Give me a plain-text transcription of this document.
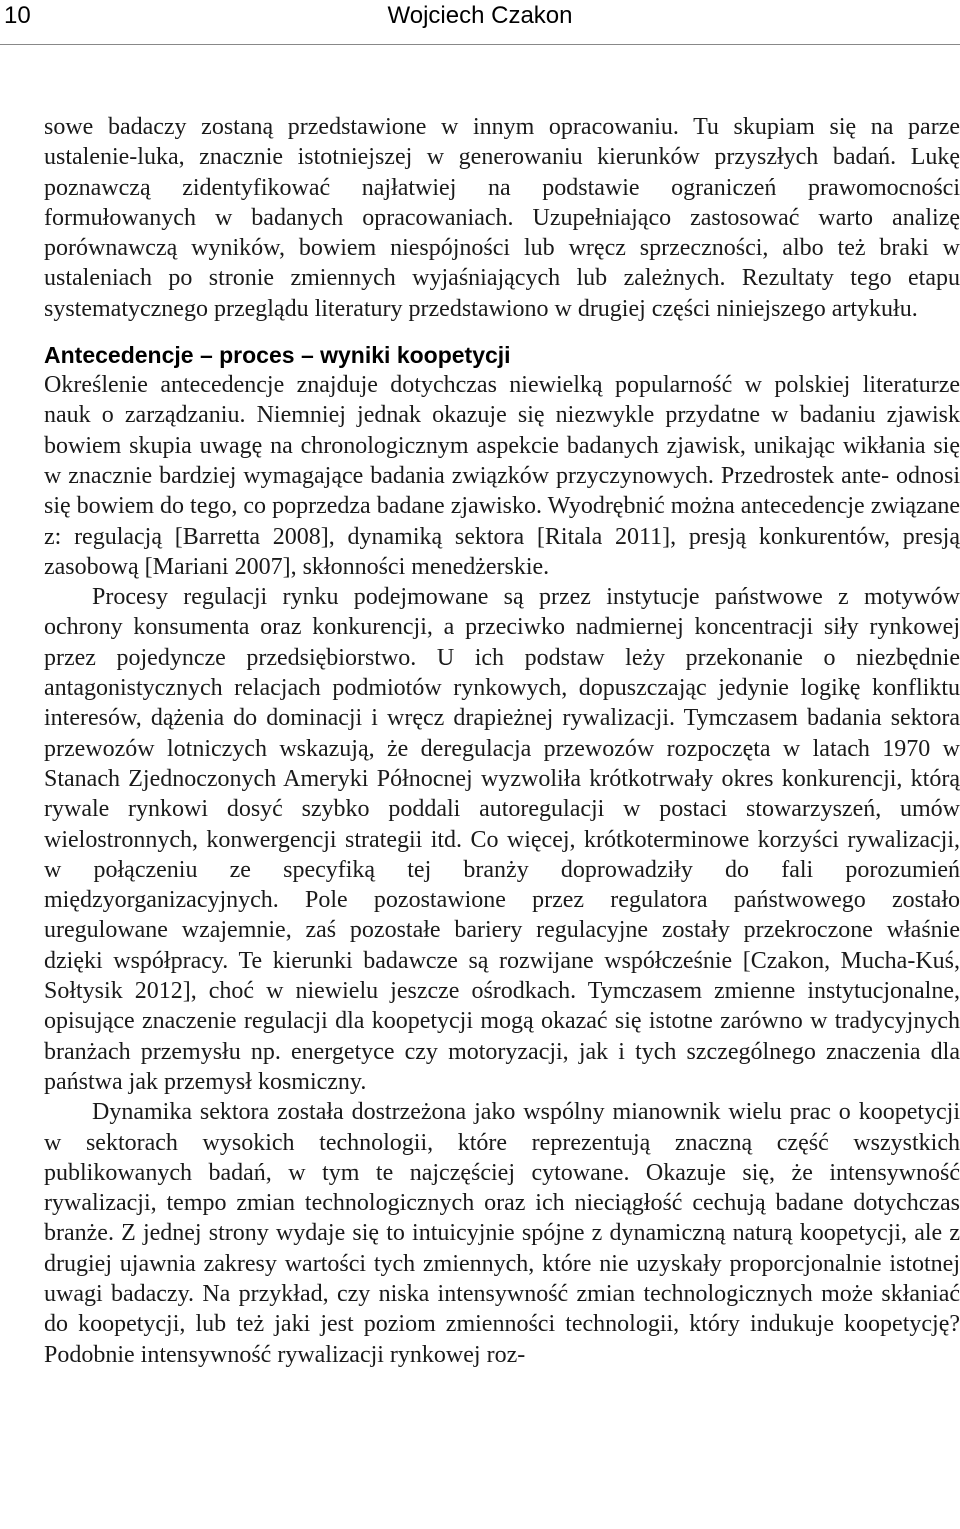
10	Wojciech Czakon

sowe badaczy zostaną przedstawione w innym opracowaniu. Tu skupiam się na parze ustalenie-luka, znacznie istotniejszej w generowaniu kierunków przyszłych badań. Lukę poznawczą zidentyfikować najłatwiej na podstawie ograniczeń prawomocności formułowanych w badanych opracowaniach. Uzupełniająco zastosować warto analizę porównawczą wyników, bowiem niespójności lub wręcz sprzeczności, albo też braki w ustaleniach po stronie zmiennych wyjaśniających lub zależnych. Rezultaty tego etapu systematycznego przeglądu literatury przedstawiono w drugiej części niniejszego artykułu.

Antecedencje – proces – wyniki koopetycji

Określenie antecedencje znajduje dotychczas niewielką popularność w polskiej literaturze nauk o zarządzaniu. Niemniej jednak okazuje się niezwykle przydatne w badaniu zjawisk bowiem skupia uwagę na chronologicznym aspekcie badanych zjawisk, unikając wikłania się w znacznie bardziej wymagające badania związków przyczynowych. Przedrostek ante- odnosi się bowiem do tego, co poprzedza badane zjawisko. Wyodrębnić można antecedencje związane z: regulacją [Barretta 2008], dynamiką sektora [Ritala 2011], presją konkurentów, presją zasobową [Mariani 2007], skłonności menedżerskie.

Procesy regulacji rynku podejmowane są przez instytucje państwowe z motywów ochrony konsumenta oraz konkurencji, a przeciwko nadmiernej koncentracji siły rynkowej przez pojedyncze przedsiębiorstwo. U ich podstaw leży przekonanie o niezbędnie antagonistycznych relacjach podmiotów rynkowych, dopuszczając jedynie logikę konfliktu interesów, dążenia do dominacji i wręcz drapieżnej rywalizacji. Tymczasem badania sektora przewozów lotniczych wskazują, że deregulacja przewozów rozpoczęta w latach 1970 w Stanach Zjednoczonych Ameryki Północnej wyzwoliła krótkotrwały okres konkurencji, którą rywale rynkowi dosyć szybko poddali autoregulacji w postaci stowarzyszeń, umów wielostronnych, konwergencji strategii itd. Co więcej, krótkoterminowe korzyści rywalizacji, w połączeniu ze specyfiką tej branży doprowadziły do fali porozumień międzyorganizacyjnych. Pole pozostawione przez regulatora państwowego zostało uregulowane wzajemnie, zaś pozostałe bariery regulacyjne zostały przekroczone właśnie dzięki współpracy. Te kierunki badawcze są rozwijane współcześnie [Czakon, Mucha-Kuś, Sołtysik 2012], choć w niewielu jeszcze ośrodkach. Tymczasem zmienne instytucjonalne, opisujące znaczenie regulacji dla koopetycji mogą okazać się istotne zarówno w tradycyjnych branżach przemysłu np. energetyce czy motoryzacji, jak i tych szczególnego znaczenia dla państwa jak przemysł kosmiczny.

Dynamika sektora została dostrzeżona jako wspólny mianownik wielu prac o koopetycji w sektorach wysokich technologii, które reprezentują znaczną część wszystkich publikowanych badań, w tym te najczęściej cytowane. Okazuje się, że intensywność rywalizacji, tempo zmian technologicznych oraz ich nieciągłość cechują badane dotychczas branże. Z jednej strony wydaje się to intuicyjnie spójne z dynamiczną naturą koopetycji, ale z drugiej ujawnia zakresy wartości tych zmiennych, które nie uzyskały proporcjonalnie istotnej uwagi badaczy. Na przykład, czy niska intensywność zmian technologicznych może skłaniać do koopetycji, lub też jaki jest poziom zmienności technologii, który indukuje koopetycję? Podobnie intensywność rywalizacji rynkowej roz-
